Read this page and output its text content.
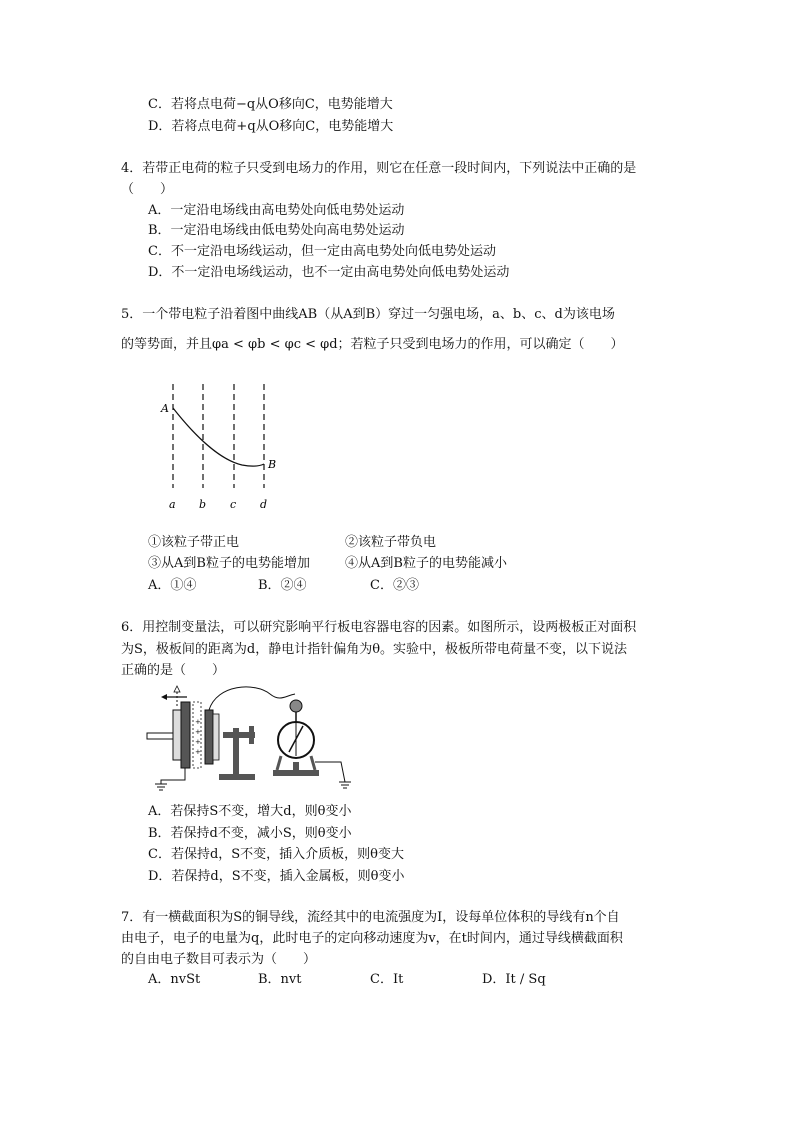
C．若将点电荷−q从O移向C，电势能增大
D．若将点电荷+q从O移向C，电势能增大
4．若带正电荷的粒子只受到电场力的作用，则它在任意一段时间内，下列说法中正确的是
（　　）
A．一定沿电场线由高电势处向低电势处运动
B．一定沿电场线由低电势处向高电势处运动
C．不一定沿电场线运动，但一定由高电势处向低电势处运动
D．不一定沿电场线运动，也不一定由高电势处向低电势处运动
5．一个带电粒子沿着图中曲线AB（从A到B）穿过一匀强电场，a、b、c、d为该电场
的等势面，并且φa < φb < φc < φd；若粒子只受到电场力的作用，可以确定（　　）
A
B
a b c d
①该粒子带正电	②该粒子带负电
③从A到B粒子的电势能增加	④从A到B粒子的电势能减小
A．①④	B．②④	C．②③
6．用控制变量法，可以研究影响平行板电容器电容的因素。如图所示，设两极板正对面积
为S，极板间的距离为d，静电计指针偏角为θ。实验中，极板所带电荷量不变，以下说法
正确的是（　　）
+
+
+
+
A．若保持S不变，增大d，则θ变小
B．若保持d不变，减小S，则θ变小
C．若保持d，S不变，插入介质板，则θ变大
D．若保持d，S不变，插入金属板，则θ变小
7．有一横截面积为S的铜导线，流经其中的电流强度为I，设每单位体积的导线有n个自
由电子，电子的电量为q，此时电子的定向移动速度为v，在t时间内，通过导线横截面积
的自由电子数目可表示为（　　）
A．nvSt	B．nvt	C．It	D．It / Sq
